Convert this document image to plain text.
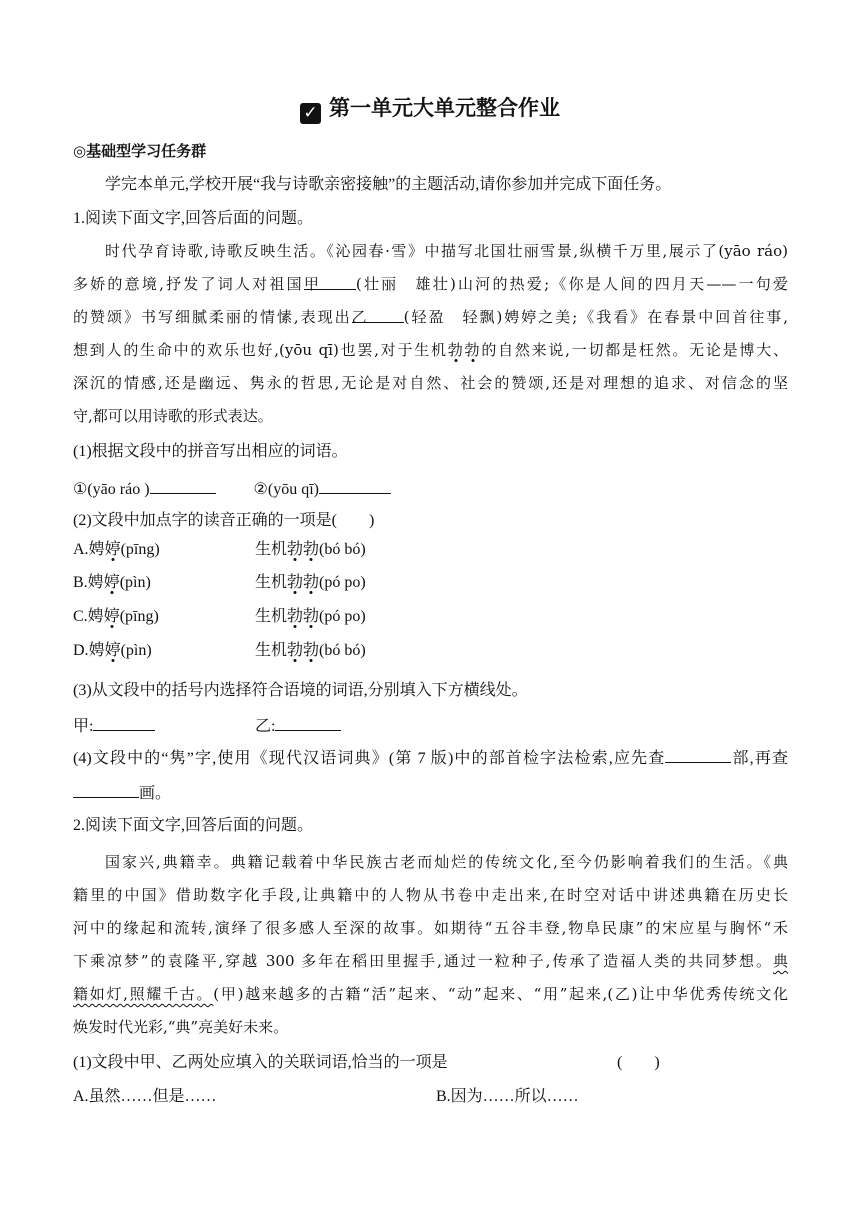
✓ 第一单元大单元整合作业
◎基础型学习任务群
学完本单元,学校开展“我与诗歌亲密接触”的主题活动,请你参加并完成下面任务。
1.阅读下面文字,回答后面的问题。
时代孕育诗歌,诗歌反映生活。《沁园春·雪》中描写北国壮丽雪景,纵横千万里,展示了(yāo ráo)
多娇的意境,抒发了词人对祖国甲 (壮丽　雄壮)山河的热爱;《你是人间的四月天——一句爱
的赞颂》书写细腻柔丽的情愫,表现出乙 (轻盈　轻飘)娉婷之美;《我看》在春景中回首往事,
想到人的生命中的欢乐也好,(yōu qī)也罢,对于生机勃勃的自然来说,一切都是枉然。无论是博大、
深沉的情感,还是幽远、隽永的哲思,无论是对自然、社会的赞颂,还是对理想的追求、对信念的坚
守,都可以用诗歌的形式表达。
(1)根据文段中的拼音写出相应的词语。
①(yāo ráo )	②(yōu qī)
(2)文段中加点字的读音正确的一项是(　　)
A.娉婷(pīng)	生机勃勃(bó bó)
B.娉婷(pìn)	生机勃勃(pó po)
C.娉婷(pīng)	生机勃勃(pó po)
D.娉婷(pìn)	生机勃勃(bó bó)
(3)从文段中的括号内选择符合语境的词语,分别填入下方横线处。
甲:	乙:
(4)文段中的“隽”字,使用《现代汉语词典》(第 7 版)中的部首检字法检索,应先查	部,再查
画。
2.阅读下面文字,回答后面的问题。
国家兴,典籍幸。典籍记载着中华民族古老而灿烂的传统文化,至今仍影响着我们的生活。《典
籍里的中国》借助数字化手段,让典籍中的人物从书卷中走出来,在时空对话中讲述典籍在历史长
河中的缘起和流转,演绎了很多感人至深的故事。如期待“五谷丰登,物阜民康”的宋应星与胸怀“禾
下乘凉梦”的袁隆平,穿越 300 多年在稻田里握手,通过一粒种子,传承了造福人类的共同梦想。典
籍如灯,照耀千古。(甲)越来越多的古籍“活”起来、“动”起来、“用”起来,(乙)让中华优秀传统文化
焕发时代光彩,“典”亮美好未来。
(1)文段中甲、乙两处应填入的关联词语,恰当的一项是	(　　)
A.虽然……但是……	B.因为……所以……
